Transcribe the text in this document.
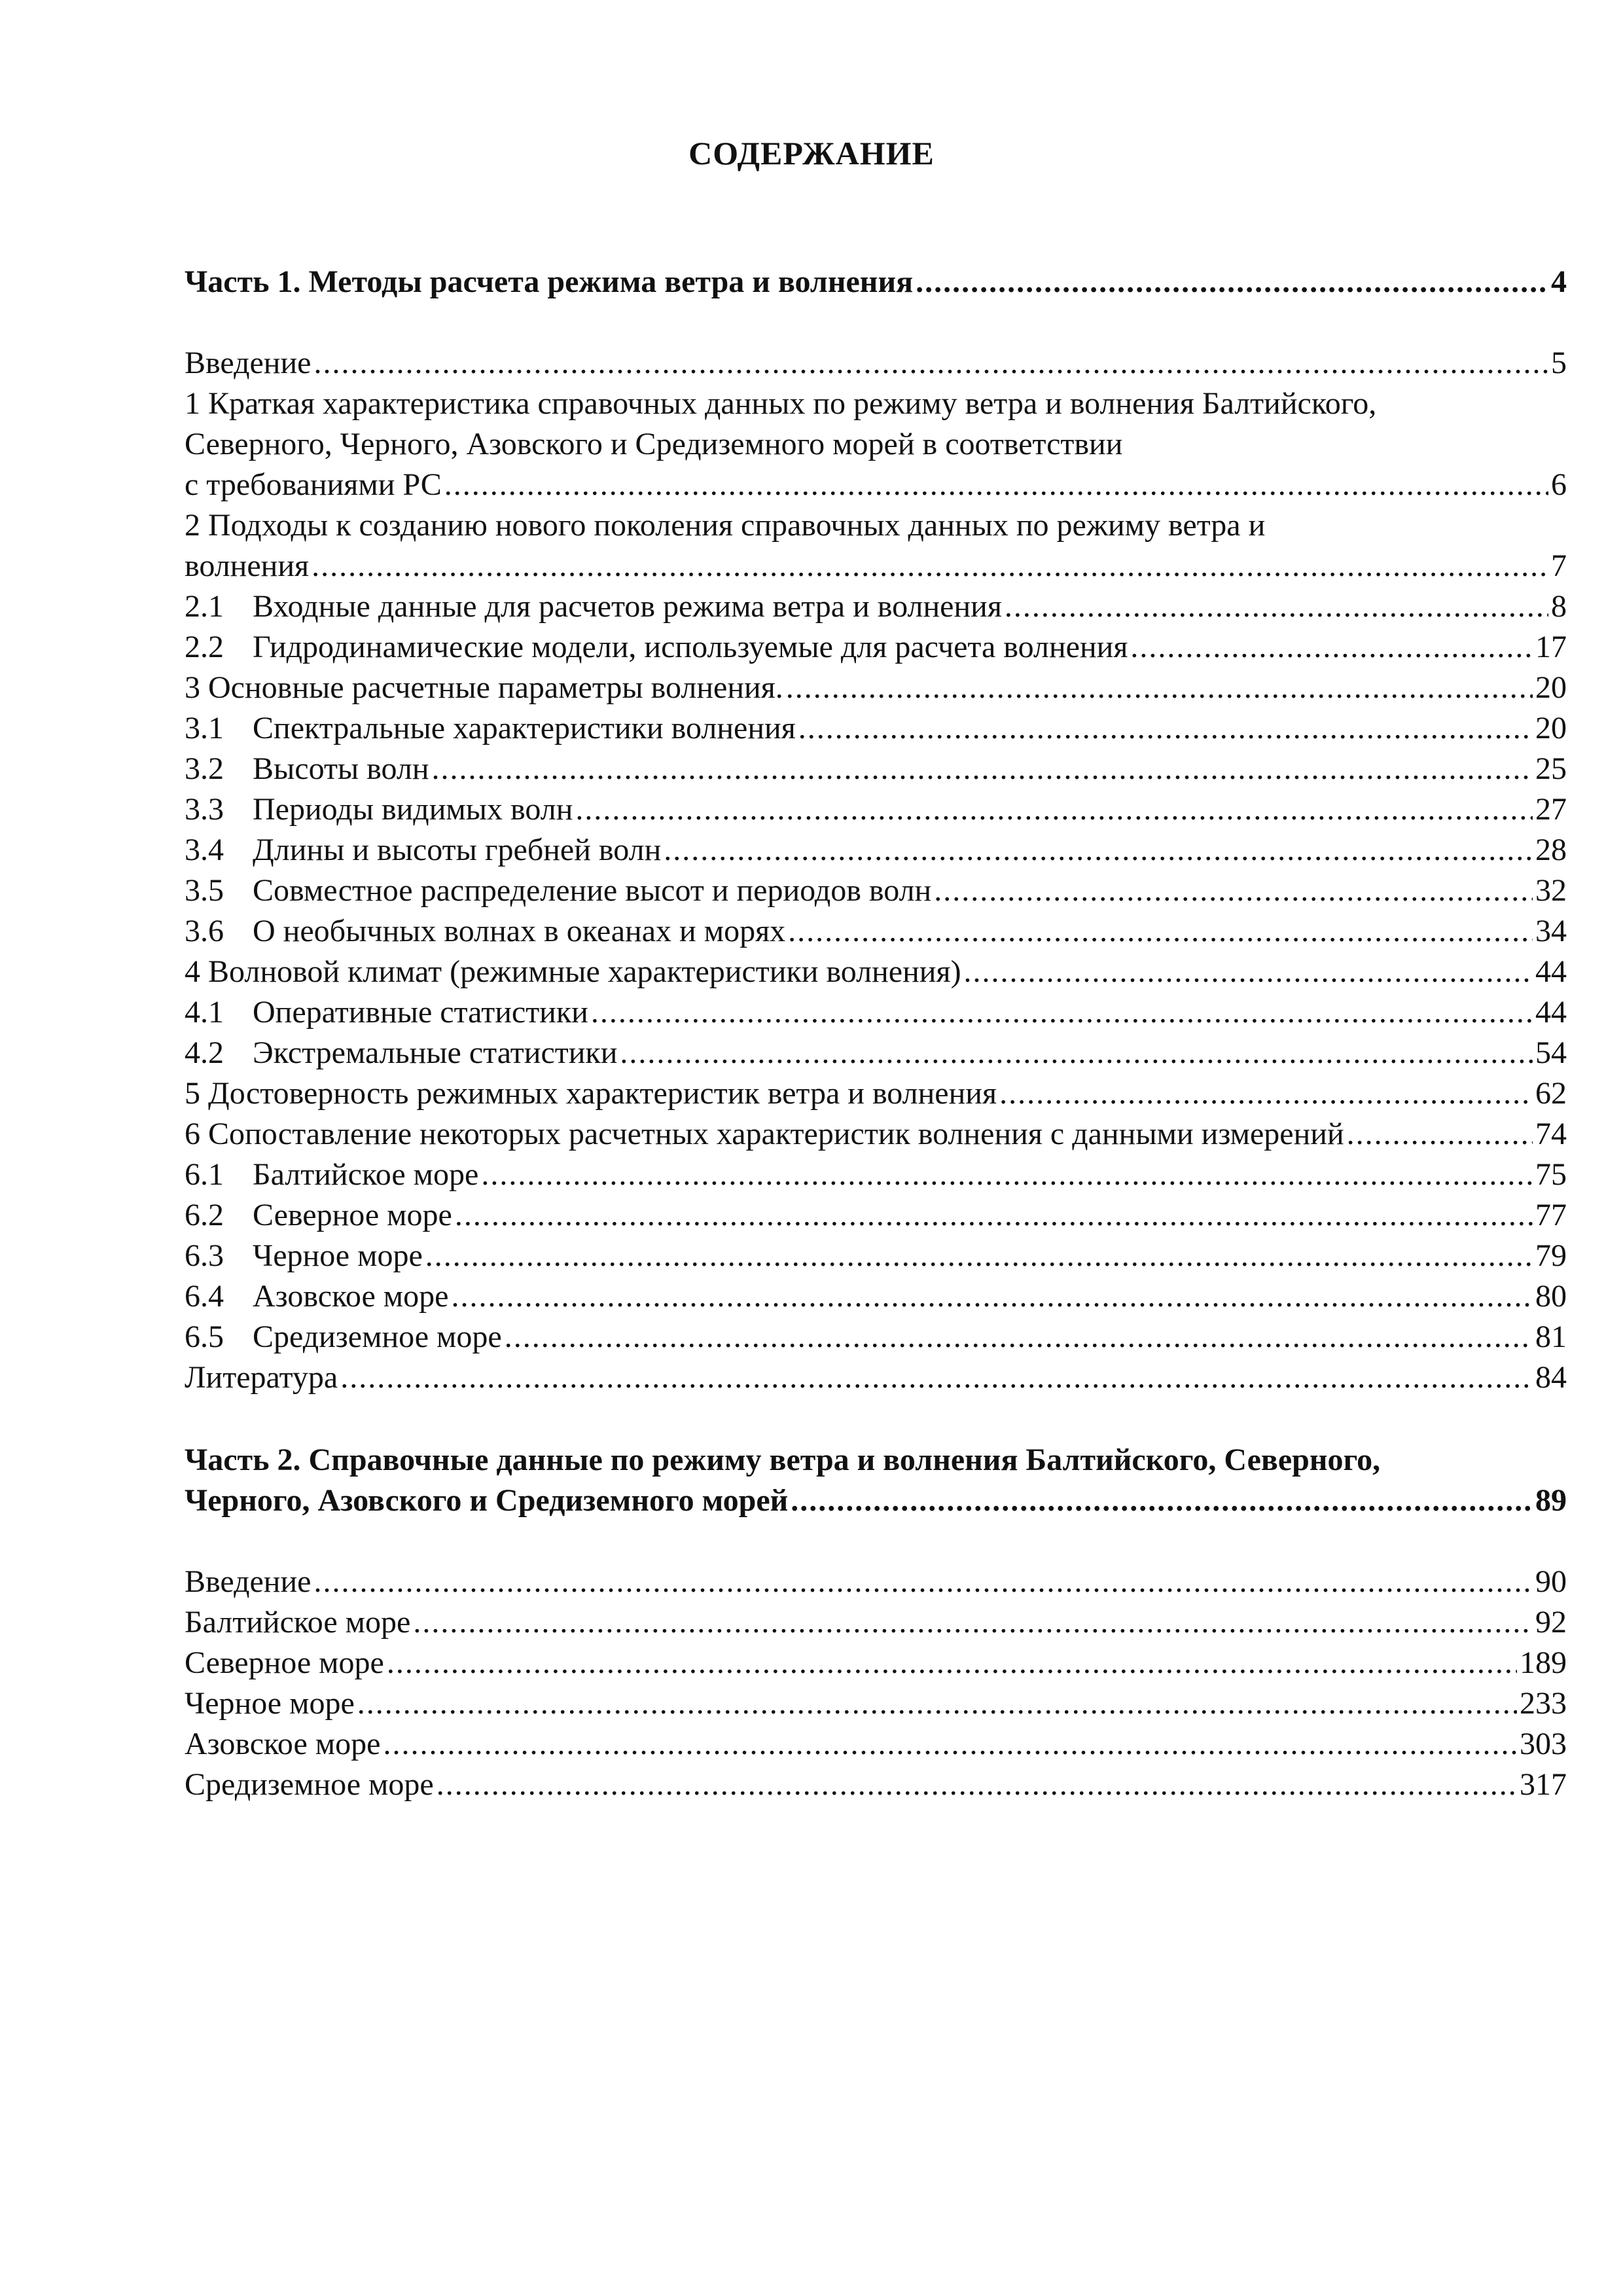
СОДЕРЖАНИЕ
Часть 1. Методы расчета режима ветра и волнения .....	4
Введение .....	5
1 Краткая характеристика справочных данных по режиму ветра и волнения Балтийского,
Северного, Черного, Азовского и Средиземного морей в соответствии
с требованиями РС .....	6
2 Подходы к созданию нового поколения справочных данных по режиму ветра и
волнения .....	7
2.1 Входные данные для расчетов режима ветра и волнения .....	8
2.2 Гидродинамические модели, используемые для расчета волнения .....	17
3 Основные расчетные параметры волнения. .....	20
3.1 Спектральные характеристики волнения .....	20
3.2 Высоты волн .....	25
3.3 Периоды видимых волн .....	27
3.4 Длины и высоты гребней волн .....	28
3.5 Совместное распределение высот и периодов волн .....	32
3.6 О необычных волнах в океанах и морях .....	34
4 Волновой климат (режимные характеристики волнения) .....	44
4.1 Оперативные статистики .....	44
4.2 Экстремальные статистики .....	54
5 Достоверность режимных характеристик ветра и волнения .....	62
6 Сопоставление некоторых расчетных характеристик волнения с данными измерений .....	74
6.1 Балтийское море .....	75
6.2 Северное море .....	77
6.3 Черное море .....	79
6.4 Азовское море .....	80
6.5 Средиземное море .....	81
Литература .....	84
Часть 2. Справочные данные по режиму ветра и волнения Балтийского, Северного,
Черного, Азовского и Средиземного морей .....	89
Введение .....	90
Балтийское море .....	92
Северное море .....	189
Черное море .....	233
Азовское море .....	303
Средиземное море .....	317
